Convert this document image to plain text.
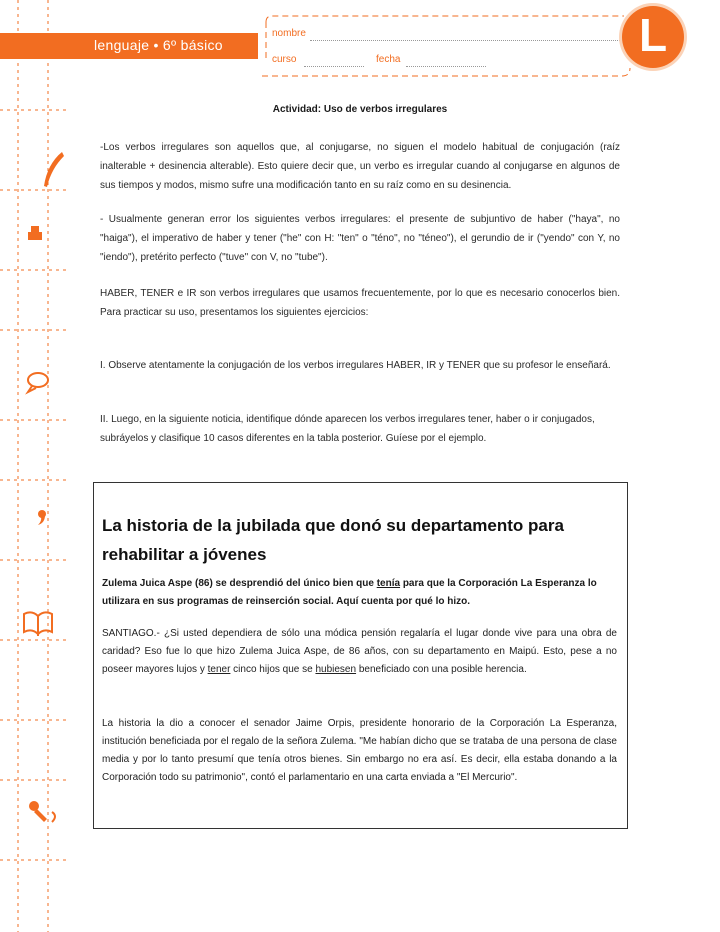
lenguaje • 6º básico
nombre
curso	fecha	L
Actividad: Uso de verbos irregulares
-Los verbos irregulares son aquellos que, al conjugarse, no siguen el modelo habitual de conjugación (raíz inalterable + desinencia alterable). Esto quiere decir que, un verbo es irregular cuando al conjugarse en algunos de sus tiempos y modos, mismo sufre una modificación tanto en su raíz como en su desinencia.
- Usualmente generan error los siguientes verbos irregulares: el presente de subjuntivo de haber ("haya", no "haiga"), el imperativo de haber y tener ("he" con H: "ten" o "téno", no "téneo"), el gerundio de ir ("yendo" con Y, no "iendo"), pretérito perfecto ("tuve" con V, no "tube").
HABER, TENER e IR son verbos irregulares que usamos frecuentemente, por lo que es necesario conocerlos bien. Para practicar su uso, presentamos los siguientes ejercicios:
I. Observe atentamente la conjugación de los verbos irregulares HABER, IR y TENER que su profesor le enseñará.
II. Luego, en la siguiente noticia, identifique dónde aparecen los verbos irregulares tener, haber o ir conjugados, subráyelos y clasifique 10 casos diferentes en la tabla posterior. Guíese por el ejemplo.
La historia de la jubilada que donó su departamento para rehabilitar a jóvenes
Zulema Juica Aspe (86) se desprendió del único bien que tenía para que la Corporación La Esperanza lo utilizara en sus programas de reinserción social. Aquí cuenta por qué lo hizo.
SANTIAGO.- ¿Si usted dependiera de sólo una módica pensión regalaría el lugar donde vive para una obra de caridad? Eso fue lo que hizo Zulema Juica Aspe, de 86 años, con su departamento en Maipú. Esto, pese a no poseer mayores lujos y tener cinco hijos que se hubiesen beneficiado con una posible herencia.
La historia la dio a conocer el senador Jaime Orpis, presidente honorario de la Corporación La Esperanza, institución beneficiada por el regalo de la señora Zulema. "Me habían dicho que se trataba de una persona de clase media y por lo tanto presumí que tenía otros bienes. Sin embargo no era así. Es decir, ella estaba donando a la Corporación todo su patrimonio", contó el parlamentario en una carta enviada a "El Mercurio".
